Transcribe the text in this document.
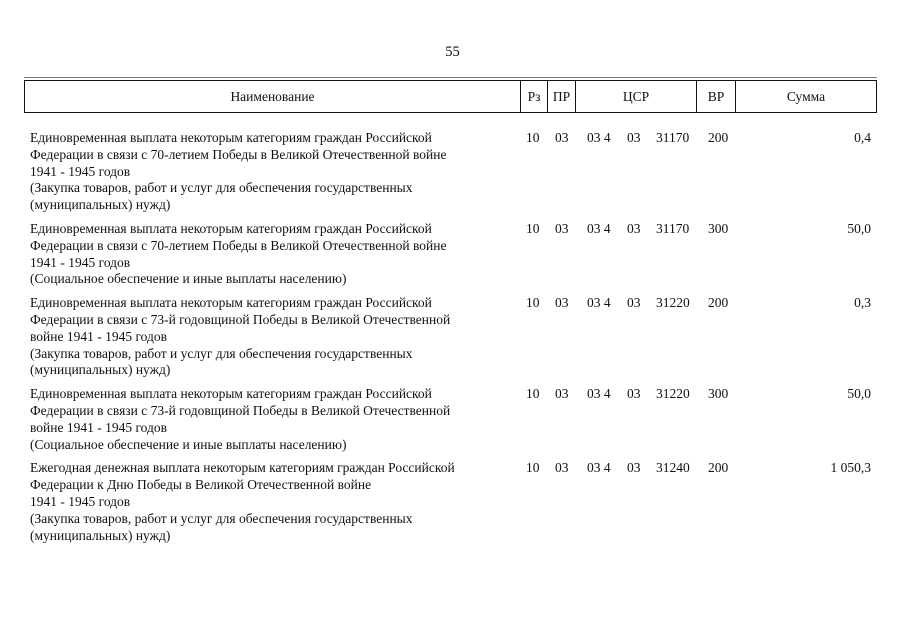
55
Наименование	Рз ПР	ЦСР	ВР	Сумма
Единовременная выплата некоторым категориям граждан Российской
Федерации в связи с 70-летием Победы в Великой Отечественной войне
1941 - 1945 годов
(Закупка товаров, работ и услуг для обеспечения государственных
(муниципальных) нужд)
10 03 03 4 03 31170 200	0,4
Единовременная выплата некоторым категориям граждан Российской
Федерации в связи с 70-летием Победы в Великой Отечественной войне
1941 - 1945 годов
(Социальное обеспечение и иные выплаты населению)
10 03 03 4 03 31170 300	50,0
Единовременная выплата некоторым категориям граждан Российской
Федерации в связи с 73-й годовщиной Победы в Великой Отечественной
войне 1941 - 1945 годов
(Закупка товаров, работ и услуг для обеспечения государственных
(муниципальных) нужд)
10 03 03 4 03 31220 200	0,3
Единовременная выплата некоторым категориям граждан Российской
Федерации в связи с 73-й годовщиной Победы в Великой Отечественной
войне 1941 - 1945 годов
(Социальное обеспечение и иные выплаты населению)
10 03 03 4 03 31220 300	50,0
Ежегодная денежная выплата некоторым категориям граждан Российской
Федерации к Дню Победы в Великой Отечественной войне
1941 - 1945 годов
(Закупка товаров, работ и услуг для обеспечения государственных
(муниципальных) нужд)
10 03 03 4 03 31240 200	1 050,3
